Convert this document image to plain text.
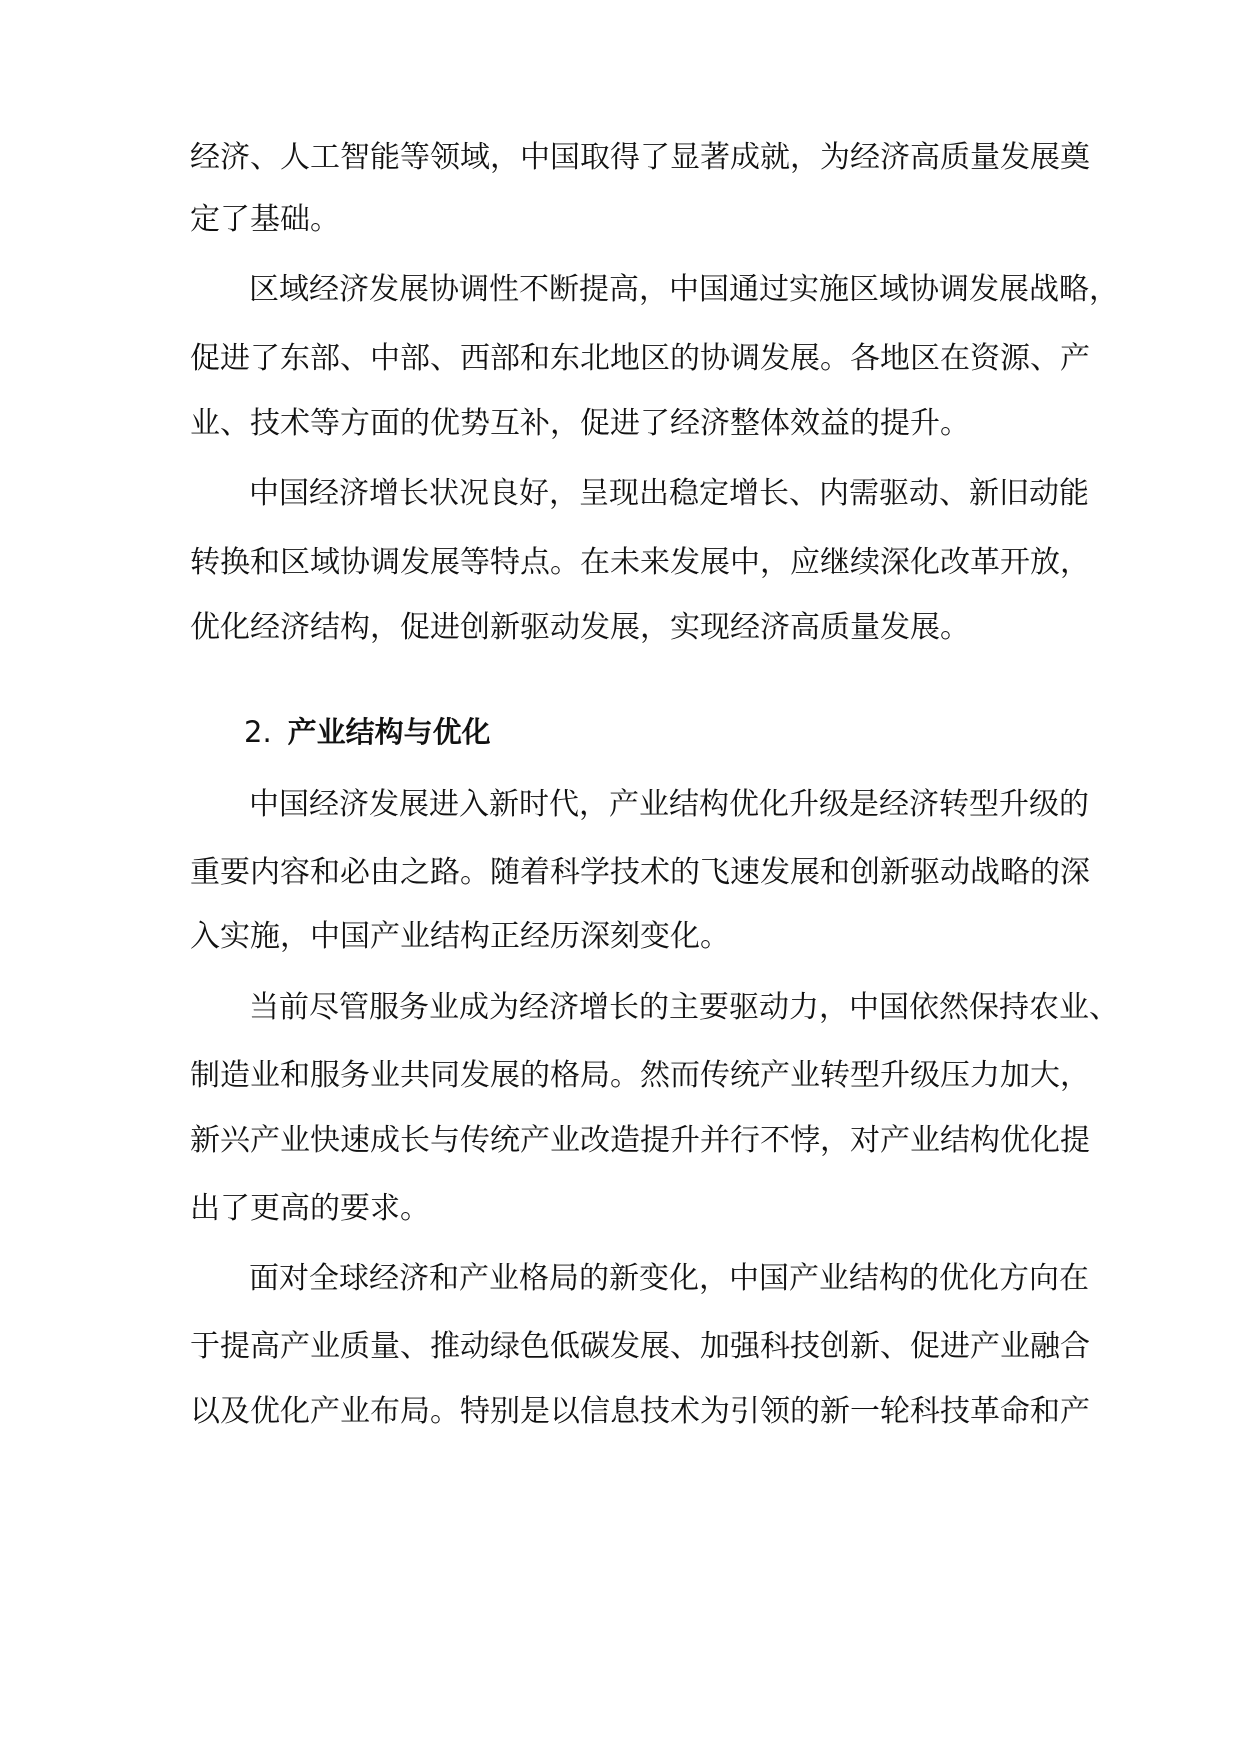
经济、人工智能等领域，中国取得了显著成就，为经济高质量发展奠

定了基础。

区域经济发展协调性不断提高，中国通过实施区域协调发展战略，

促进了东部、中部、西部和东北地区的协调发展。各地区在资源、产

业、技术等方面的优势互补，促进了经济整体效益的提升。

中国经济增长状况良好，呈现出稳定增长、内需驱动、新旧动能

转换和区域协调发展等特点。在未来发展中，应继续深化改革开放，

优化经济结构，促进创新驱动发展，实现经济高质量发展。

2. 产业结构与优化

中国经济发展进入新时代，产业结构优化升级是经济转型升级的

重要内容和必由之路。随着科学技术的飞速发展和创新驱动战略的深

入实施，中国产业结构正经历深刻变化。

当前尽管服务业成为经济增长的主要驱动力，中国依然保持农业、

制造业和服务业共同发展的格局。然而传统产业转型升级压力加大，

新兴产业快速成长与传统产业改造提升并行不悖，对产业结构优化提

出了更高的要求。

面对全球经济和产业格局的新变化，中国产业结构的优化方向在

于提高产业质量、推动绿色低碳发展、加强科技创新、促进产业融合

以及优化产业布局。特别是以信息技术为引领的新一轮科技革命和产
